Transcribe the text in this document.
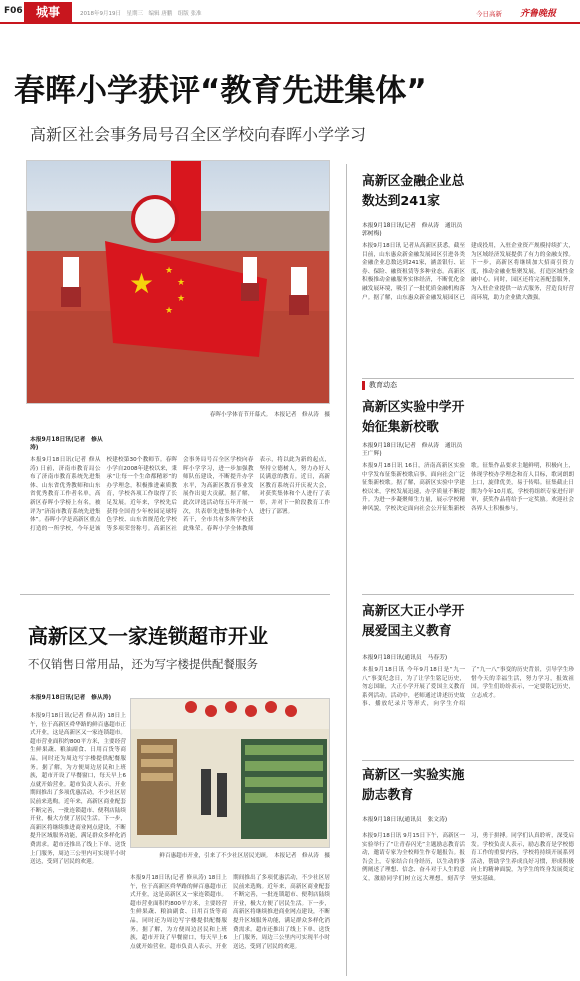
F06	城事	2018年9月19日　星期三　编辑 唐鹏　组版 张准	今日高新 齐鲁晚报
春晖小学获评“教育先进集体”
高新区社会事务局号召全区学校向春晖小学学习
★ ★
★
★
★
春晖小学体育节开幕式。　本报记者　修从涛　摄
本报9月18日讯(记者　修从涛)
本报9月18日讯(记者 修从涛) 日前，济南市教育局公布了济南市教育系统先进集体、山东省优秀教师和山东省优秀教育工作者名单，高新区春晖小学榜上有名，被评为“济南市教育系统先进集体”。春晖小学是高新区重点打造的一所学校，今年是该校建校第30个教师节。春晖小学自2008年建校以来，秉承“让每一个生命都精彩”的办学理念，积极推进素质教育，学校各项工作取得了长足发展。近年来，学校先后获得全国青少年校园足球特色学校、山东省规范化学校等多项荣誉称号。高新区社会事务局号召全区学校向春晖小学学习，进一步加强教师队伍建设，不断提升办学水平，为高新区教育事业发展作出更大贡献。据了解，此次评选活动每五年开展一次，共表彰先进集体和个人若干，全市共有多所学校获此殊荣。春晖小学全体教师表示，将以此为新的起点，坚持立德树人，努力办好人民满意的教育。近日，高新区教育系统召开庆祝大会，对获奖集体和个人进行了表彰，并对下一阶段教育工作进行了部署。
高新区又一家连锁超市开业
不仅销售日常用品，还为写字楼提供配餐服务
本报9月18日讯(记者　修从涛)
本报9月18日讯(记者 修从涛) 18日上午，位于高新区舜华路的鲜百惠超市正式开业，这是高新区又一家连锁超市。超市营业面积约800平方米，主要经营生鲜果蔬、粮油副食、日用百货等商品，同时还为周边写字楼提供配餐服务。据了解，为方便周边居民和上班族，超市开设了早餐窗口，每天早上6点就开始营业。超市负责人表示，开业期间推出了多项优惠活动，不少社区居民前来选购。近年来，高新区商业配套不断完善，一批连锁超市、便利店陆续开业，极大方便了居民生活。下一步，高新区将继续推进商业网点建设，不断提升区域服务功能，满足群众多样化消费需求。超市还推出了线上下单、送货上门服务，周边三公里内可实现半小时送达，受到了居民的欢迎。
鲜百惠超市开业，引来了不少社区居民光顾。　本报记者　修从涛　摄
本报9月18日讯(记者 修从涛) 18日上午，位于高新区舜华路的鲜百惠超市正式开业，这是高新区又一家连锁超市。超市营业面积约800平方米，主要经营生鲜果蔬、粮油副食、日用百货等商品，同时还为周边写字楼提供配餐服务。据了解，为方便周边居民和上班族，超市开设了早餐窗口，每天早上6点就开始营业。超市负责人表示，开业期间推出了多项优惠活动，不少社区居民前来选购。近年来，高新区商业配套不断完善，一批连锁超市、便利店陆续开业，极大方便了居民生活。下一步，高新区将继续推进商业网点建设，不断提升区域服务功能，满足群众多样化消费需求。超市还推出了线上下单、送货上门服务，周边三公里内可实现半小时送达，受到了居民的欢迎。
高新区金融企业总数达到241家
本报9月18日讯(记者　修从涛　通讯员　郭树梅)
本报9月18日讯 记者从高新区获悉，截至目前，山东惠众新金融发展园区引进各类金融企业总数达到241家，涵盖银行、证券、保险、融资租赁等多种业态。高新区积极推动金融服务实体经济，不断优化金融发展环境，吸引了一批优质金融机构落户。据了解，山东惠众新金融发展园区已建成投用，入驻企业资产规模持续扩大，为区域经济发展提供了有力的金融支撑。下一步，高新区将继续加大招商引资力度，推动金融业集聚发展，打造区域性金融中心。同时，园区还将完善配套服务，为入驻企业提供一站式服务，营造良好营商环境，助力企业做大做强。
教育动态
高新区实验中学开始征集新校歌
本报9月18日讯(记者　修从涛　通讯员　王广辉)
本报9月18日讯 16日，济南高新区实验中学发布征集新校歌启事，面向社会广泛征集新校歌。据了解，高新区实验中学建校以来，学校发展迅速，办学质量不断提升。为进一步凝聚师生力量，展示学校精神风貌，学校决定面向社会公开征集新校歌。征集作品要求主题鲜明，积极向上，体现学校办学理念和育人目标，歌词朗朗上口，旋律优美，易于传唱。征集截止日期为今年10月底，学校将组织专家进行评审，获奖作品将给予一定奖励。欢迎社会各界人士积极参与。
高新区大正小学开展爱国主义教育
本报9月18日讯(通讯员　马春芳)
本报9月18日讯 今年9月18日是“九一八”事变纪念日，为了让学生铭记历史，勿忘国耻，大正小学开展了爱国主义教育系列活动。活动中，老师通过讲述历史故事、播放纪录片等形式，向学生介绍了“九一八”事变的历史背景，引导学生珍惜今天的幸福生活，努力学习，报效祖国。学生们纷纷表示，一定要铭记历史，立志成才。
高新区一实验实施励志教育
本报9月18日讯(通讯员　张文涛)
本报9月18日讯 9月15日下午，高新区一实验举行了“让青春闪光”主题励志教育活动，邀请专家为全校师生作专题报告。报告会上，专家结合自身经历，以生动的事例阐述了理想、信念、奋斗对于人生的意义，激励同学们树立远大理想，刻苦学习，勇于拼搏。同学们认真聆听，深受启发。学校负责人表示，励志教育是学校德育工作的重要内容，学校将持续开展系列活动，帮助学生养成良好习惯，形成积极向上的精神面貌，为学生的终身发展奠定坚实基础。
